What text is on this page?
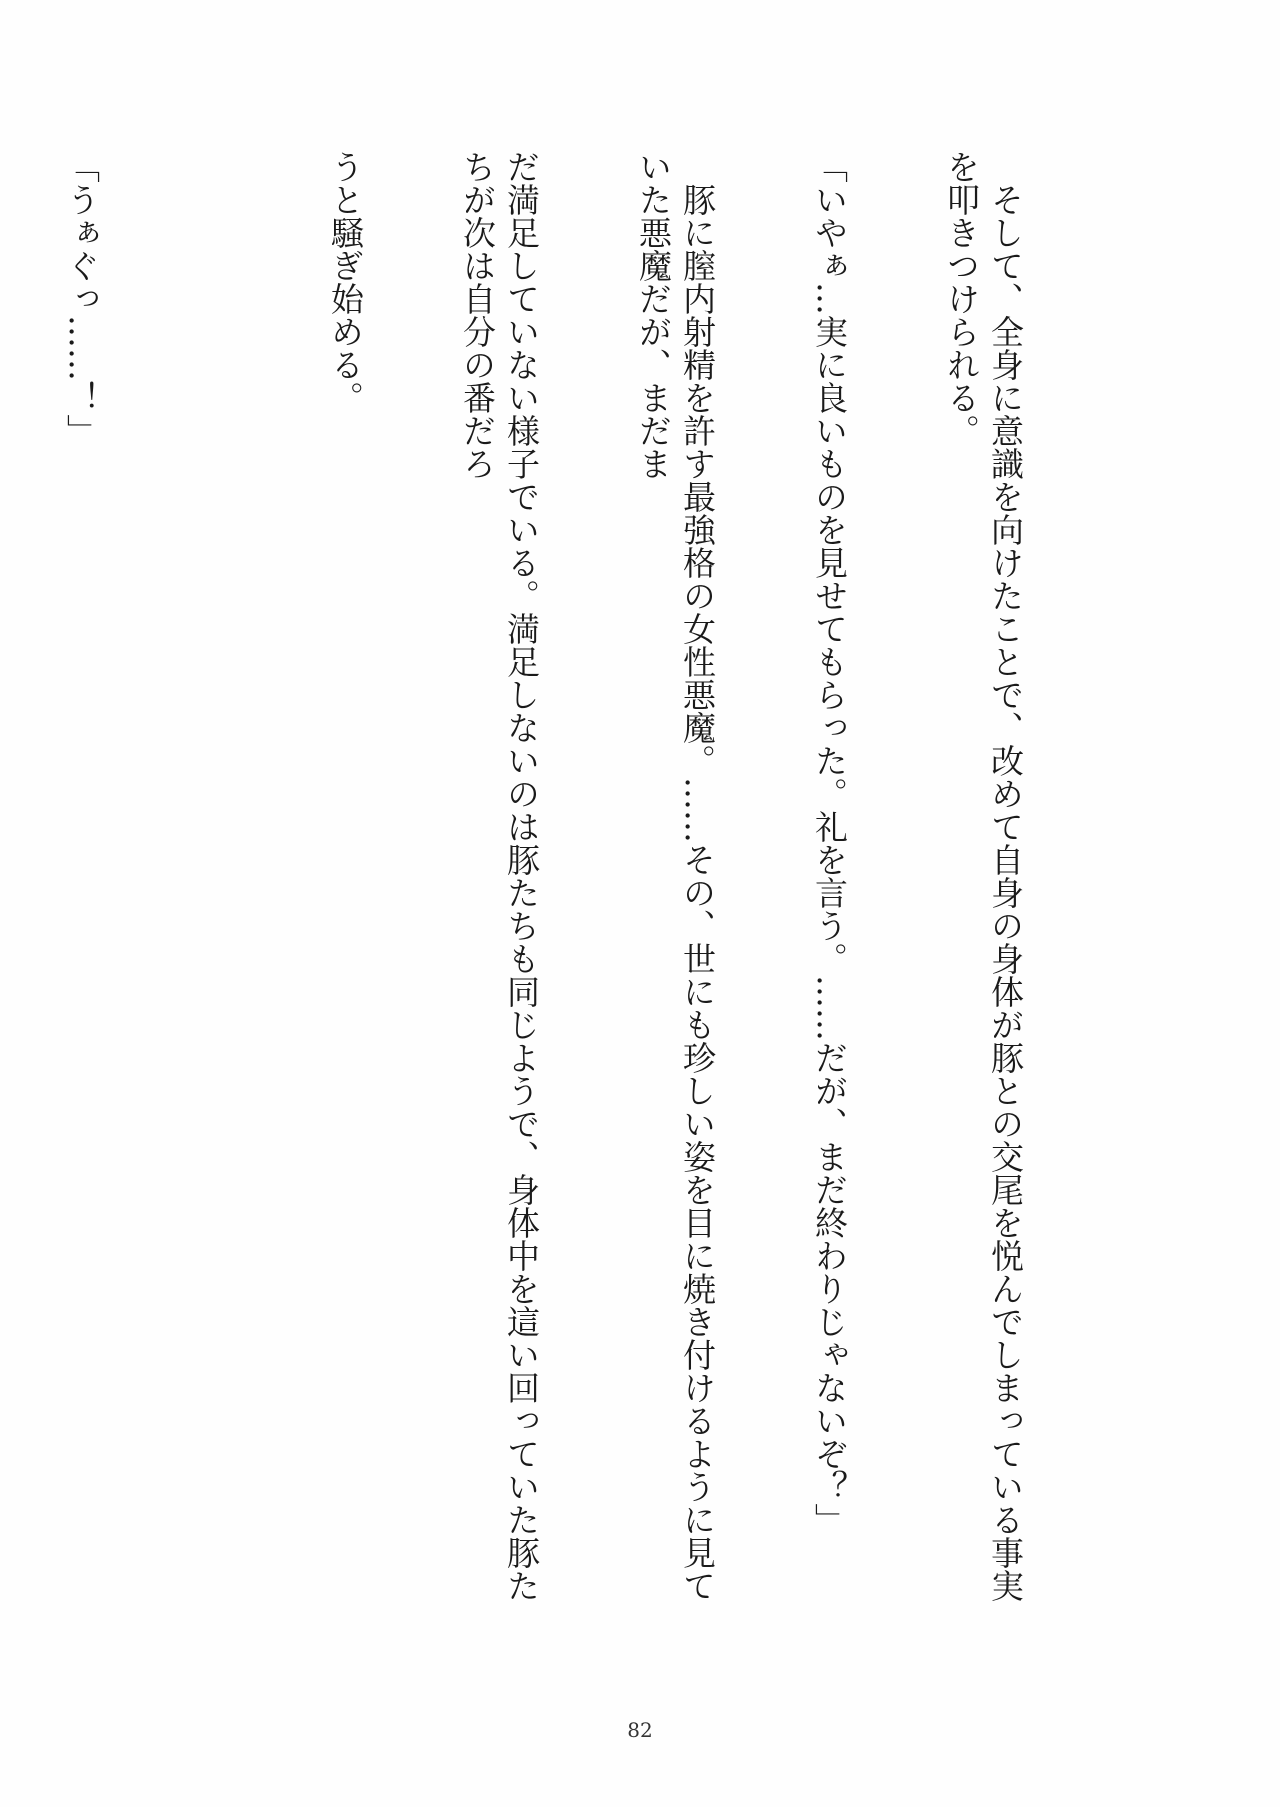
　そして、全身に意識を向けたことで、改めて自身の身体が豚との交尾を悦んでしまっている事実を叩きつけられる。

「いやぁ…実に良いものを見せてもらった。礼を言う。……だが、まだ終わりじゃないぞ？」

　豚に膣内射精を許す最強格の女性悪魔。……その、世にも珍しい姿を目に焼き付けるように見ていた悪魔だが、まだま

だ満足していない様子でいる。満足しないのは豚たちも同じようで、身体中を這い回っていた豚たちが次は自分の番だろ

うと騒ぎ始める。

「うぁぐっ……！」

82
